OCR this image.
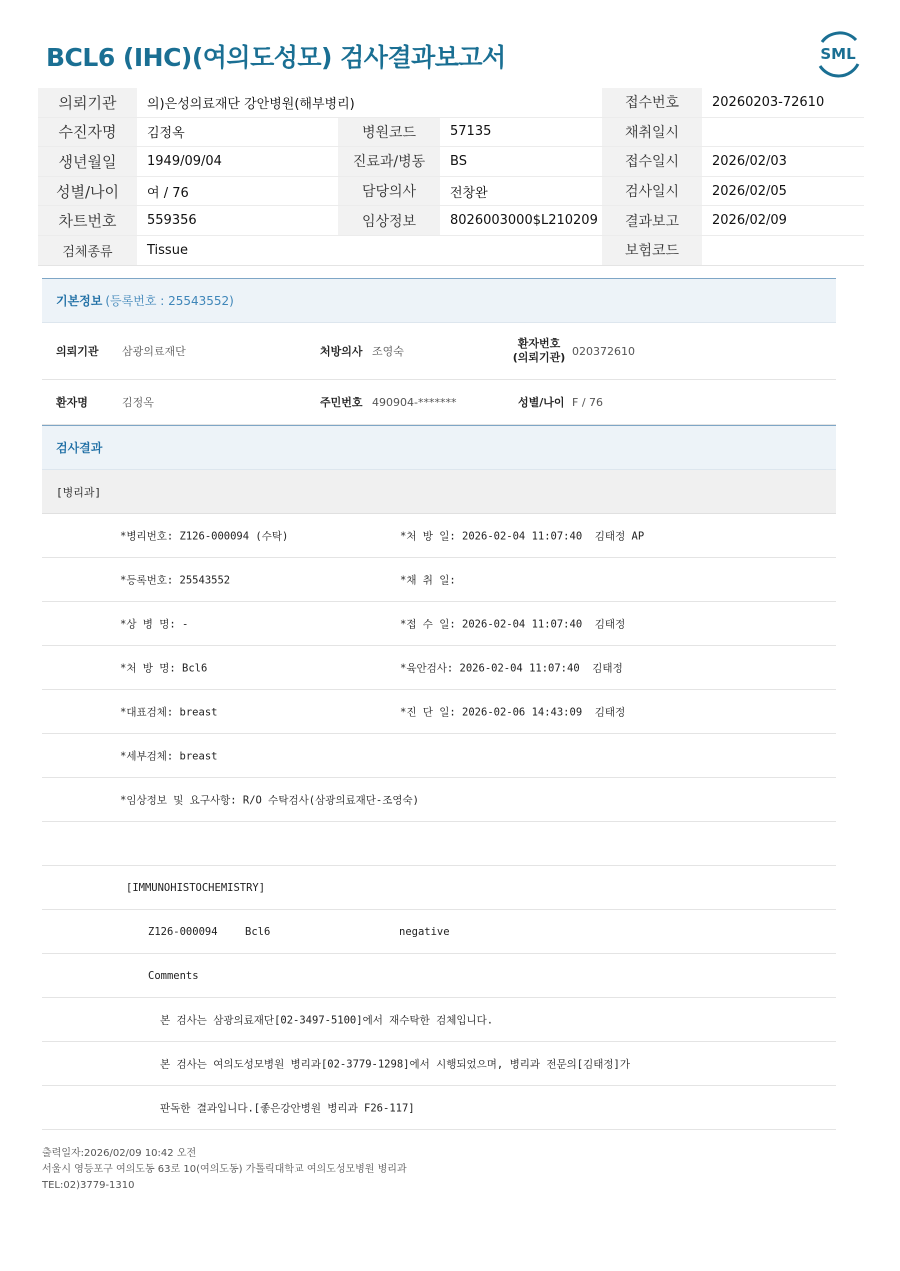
BCL6 (IHC)(여의도성모) 검사결과보고서	SML
의뢰기관	의)은성의료재단 강안병원(해부병리)	접수번호	20260203-72610
수진자명	김정옥	병원코드	57135	채취일시
생년월일	1949/09/04	진료과/병동	BS	접수일시	2026/02/03
성별/나이	여 / 76	담당의사	전창완	검사일시	2026/02/05
차트번호	559356	임상정보	8026003000$L210209	결과보고	2026/02/09
검체종류	Tissue	보험코드
기본정보 (등록번호 : 25543552)
의뢰기관	삼광의료재단	처방의사 조영숙
환자번호
(의뢰기관) 020372610
환자명	김정옥	주민번호 490904-*******	성별/나이 F / 76
검사결과
[병리과]
*병리번호: Z126-000094 (수탁)	*처 방 일: 2026-02-04 11:07:40  김태정 AP
*등록번호: 25543552	*채 취 일:
*상 병 명: -	*접 수 일: 2026-02-04 11:07:40  김태정
*처 방 명: Bcl6	*육안검사: 2026-02-04 11:07:40  김태정
*대표검체: breast	*진 단 일: 2026-02-06 14:43:09  김태정
*세부검체: breast
*임상정보 및 요구사항: R/O 수탁검사(삼광의료재단-조영숙)
[IMMUNOHISTOCHEMISTRY]
Z126-000094	Bcl6	negative
Comments
본 검사는 삼광의료재단[02-3497-5100]에서 재수탁한 검체입니다.
본 검사는 여의도성모병원 병리과[02-3779-1298]에서 시행되었으며, 병리과 전문의[김태정]가
판독한 결과입니다.[좋은강안병원 병리과 F26-117]
출력일자:2026/02/09 10:42 오전
서울시 영등포구 여의도동 63로 10(여의도동) 가톨릭대학교 여의도성모병원 병리과
TEL:02)3779-1310
